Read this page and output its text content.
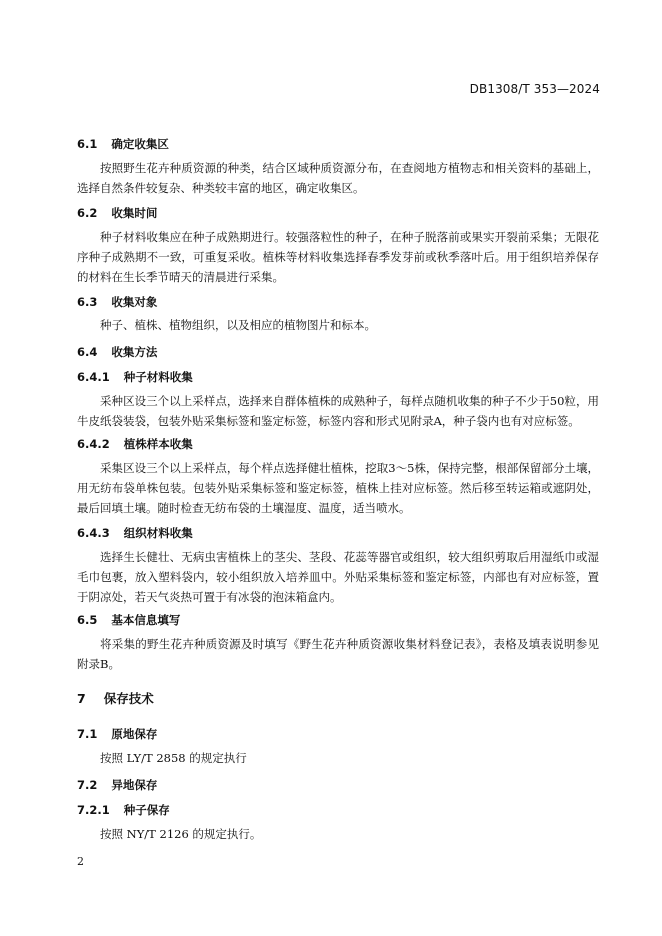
DB1308/T 353—2024
6.1 确定收集区
按照野生花卉种质资源的种类，结合区域种质资源分布，在查阅地方植物志和相关资料的基础上，选择自然条件较复杂、种类较丰富的地区，确定收集区。
6.2 收集时间
种子材料收集应在种子成熟期进行。较强落粒性的种子，在种子脱落前或果实开裂前采集；无限花序种子成熟期不一致，可重复采收。植株等材料收集选择春季发芽前或秋季落叶后。用于组织培养保存的材料在生长季节晴天的清晨进行采集。
6.3 收集对象
种子、植株、植物组织，以及相应的植物图片和标本。
6.4 收集方法
6.4.1 种子材料收集
采种区设三个以上采样点，选择来自群体植株的成熟种子，每样点随机收集的种子不少于50粒，用牛皮纸袋装袋，包装外贴采集标签和鉴定标签，标签内容和形式见附录A，种子袋内也有对应标签。
6.4.2 植株样本收集
采集区设三个以上采样点，每个样点选择健壮植株，挖取3～5株，保持完整，根部保留部分土壤，用无纺布袋单株包装。包装外贴采集标签和鉴定标签，植株上挂对应标签。然后移至转运箱或遮阴处，最后回填土壤。随时检查无纺布袋的土壤湿度、温度，适当喷水。
6.4.3 组织材料收集
选择生长健壮、无病虫害植株上的茎尖、茎段、花蕊等器官或组织，较大组织剪取后用湿纸巾或湿毛巾包裹，放入塑料袋内，较小组织放入培养皿中。外贴采集标签和鉴定标签，内部也有对应标签，置于阴凉处，若天气炎热可置于有冰袋的泡沫箱盒内。
6.5 基本信息填写
将采集的野生花卉种质资源及时填写《野生花卉种质资源收集材料登记表》，表格及填表说明参见附录B。
7 保存技术
7.1 原地保存
按照 LY/T 2858 的规定执行
7.2 异地保存
7.2.1 种子保存
按照 NY/T 2126 的规定执行。
2
